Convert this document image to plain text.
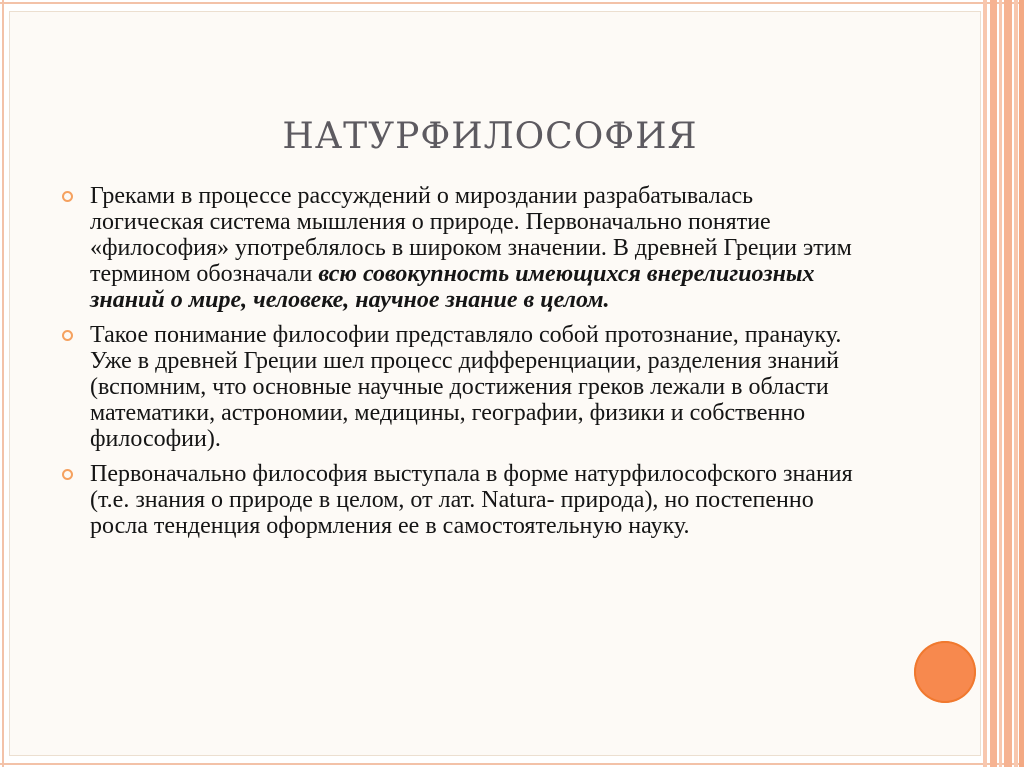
НАТУРФИЛОСОФИЯ
Греками в процессе рассуждений о мироздании разрабатывалась логическая система мышления о природе. Первоначально понятие «философия» употреблялось в широком значении. В древней Греции этим термином обозначали всю совокупность имеющихся внерелигиозных знаний о мире, человеке, научное знание в целом.
Такое понимание философии представляло собой протознание, пранауку. Уже в древней Греции шел процесс дифференциации, разделения знаний (вспомним, что основные научные достижения греков лежали в области математики, астрономии, медицины, географии, физики и собственно философии).
Первоначально философия выступала в форме натурфилософского знания (т.е. знания о природе в целом, от лат. Natura- природа), но постепенно росла тенденция оформления ее в самостоятельную науку.
